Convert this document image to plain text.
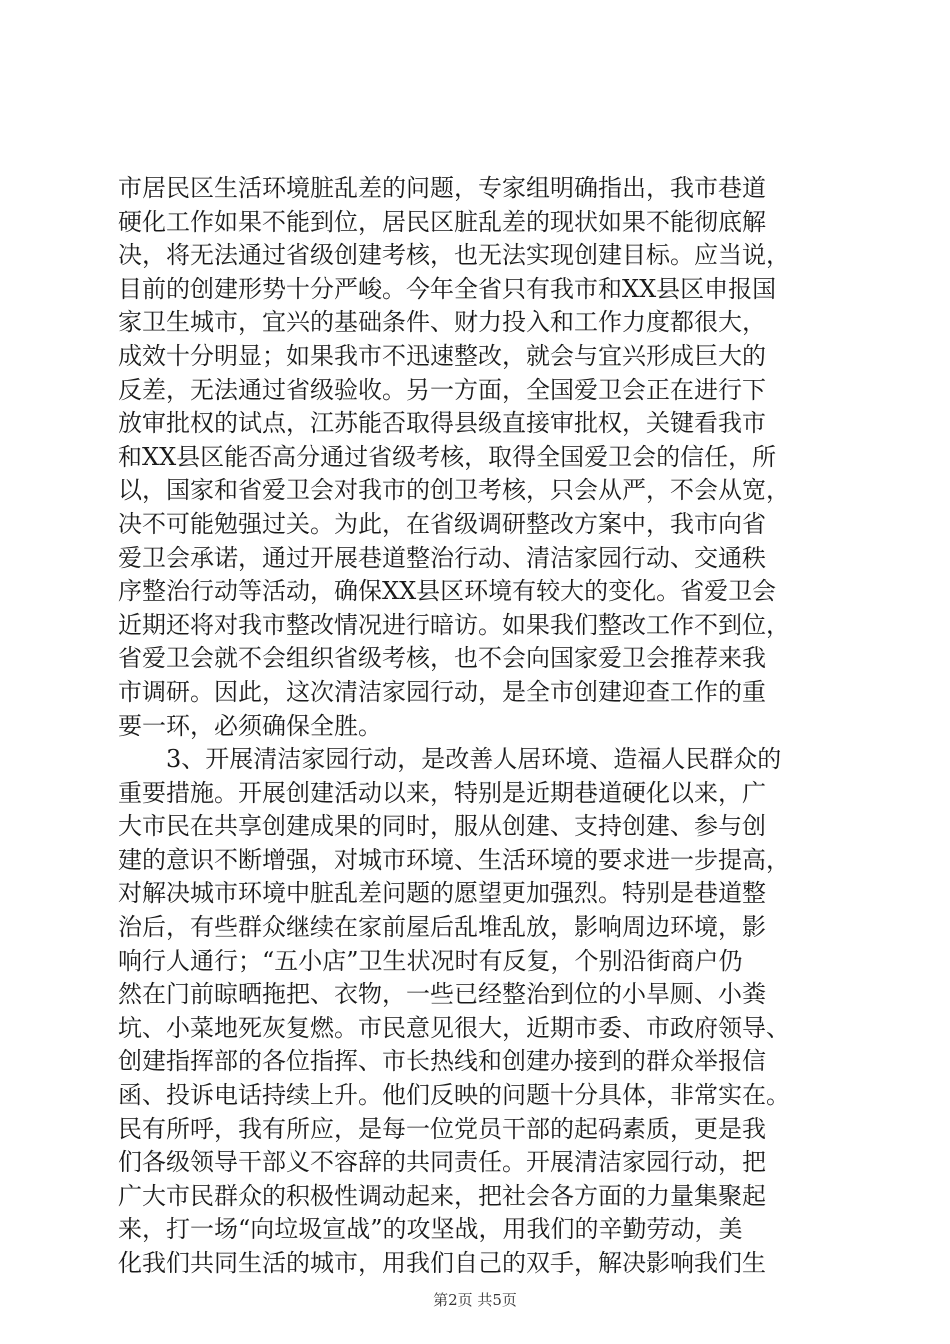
市居民区生活环境脏乱差的问题，专家组明确指出，我市巷道
硬化工作如果不能到位，居民区脏乱差的现状如果不能彻底解
决，将无法通过省级创建考核，也无法实现创建目标。应当说，
目前的创建形势十分严峻。今年全省只有我市和XX县区申报国
家卫生城市，宜兴的基础条件、财力投入和工作力度都很大，
成效十分明显；如果我市不迅速整改，就会与宜兴形成巨大的
反差，无法通过省级验收。另一方面，全国爱卫会正在进行下
放审批权的试点，江苏能否取得县级直接审批权，关键看我市
和XX县区能否高分通过省级考核，取得全国爱卫会的信任，所
以，国家和省爱卫会对我市的创卫考核，只会从严，不会从宽，
决不可能勉强过关。为此，在省级调研整改方案中，我市向省
爱卫会承诺，通过开展巷道整治行动、清洁家园行动、交通秩
序整治行动等活动，确保XX县区环境有较大的变化。省爱卫会
近期还将对我市整改情况进行暗访。如果我们整改工作不到位，
省爱卫会就不会组织省级考核，也不会向国家爱卫会推荐来我
市调研。因此，这次清洁家园行动，是全市创建迎查工作的重
要一环，必须确保全胜。
　　3、开展清洁家园行动，是改善人居环境、造福人民群众的
重要措施。开展创建活动以来，特别是近期巷道硬化以来，广
大市民在共享创建成果的同时，服从创建、支持创建、参与创
建的意识不断增强，对城市环境、生活环境的要求进一步提高，
对解决城市环境中脏乱差问题的愿望更加强烈。特别是巷道整
治后，有些群众继续在家前屋后乱堆乱放，影响周边环境，影
响行人通行；“五小店”卫生状况时有反复，个别沿街商户仍
然在门前晾晒拖把、衣物，一些已经整治到位的小旱厕、小粪
坑、小菜地死灰复燃。市民意见很大，近期市委、市政府领导、
创建指挥部的各位指挥、市长热线和创建办接到的群众举报信
函、投诉电话持续上升。他们反映的问题十分具体，非常实在。
民有所呼，我有所应，是每一位党员干部的起码素质，更是我
们各级领导干部义不容辞的共同责任。开展清洁家园行动，把
广大市民群众的积极性调动起来，把社会各方面的力量集聚起
来，打一场“向垃圾宣战”的攻坚战，用我们的辛勤劳动，美
化我们共同生活的城市，用我们自己的双手，解决影响我们生
第2页 共5页
